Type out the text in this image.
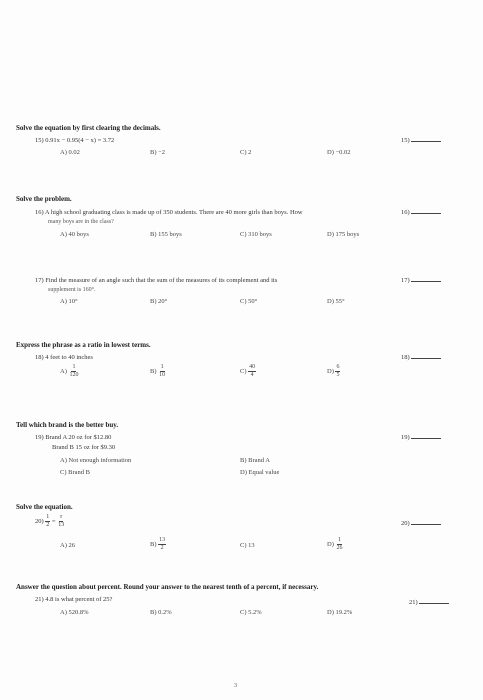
Solve the equation by first clearing the decimals.
15) 0.91x − 0.95(4 − x) = 3.72
A) 0.02	B) −2	C) 2	D) −0.02
15)
Solve the problem.
16) A high school graduating class is made up of 350 students. There are 40 more girls than boys. How
many boys are in the class?
A) 40 boys	B) 155 boys	C) 310 boys	D) 175 boys
16)
17) Find the measure of an angle such that the sum of the measures of its complement and its
supplement is 160°.
A) 10°	B) 20°	C) 50°	D) 55°
17)
Express the phrase as a ratio in lowest terms.
18) 4 feet to 40 inches
$A) \frac{1}{120}$	$B) \frac{1}{10}$	$C) \frac{40}{4}$	$D) \frac{6}{5}$
18)
Tell which brand is the better buy.
19) Brand A 20 oz for $12.80
Brand B 15 oz for $9.30
A) Not enough information	B) Brand A
C) Brand B	D) Equal value
19)
Solve the equation.
$20) \frac{1}{2} = \frac{r}{13}$
A) 26	$B) \frac{13}{2}$	C) 13	$D) \frac{1}{26}$
20)
Answer the question about percent. Round your answer to the nearest tenth of a percent, if necessary.
21) 4.8 is what percent of 25?
A) 520.8%	B) 0.2%	C) 5.2%	D) 19.2%
21)
3
